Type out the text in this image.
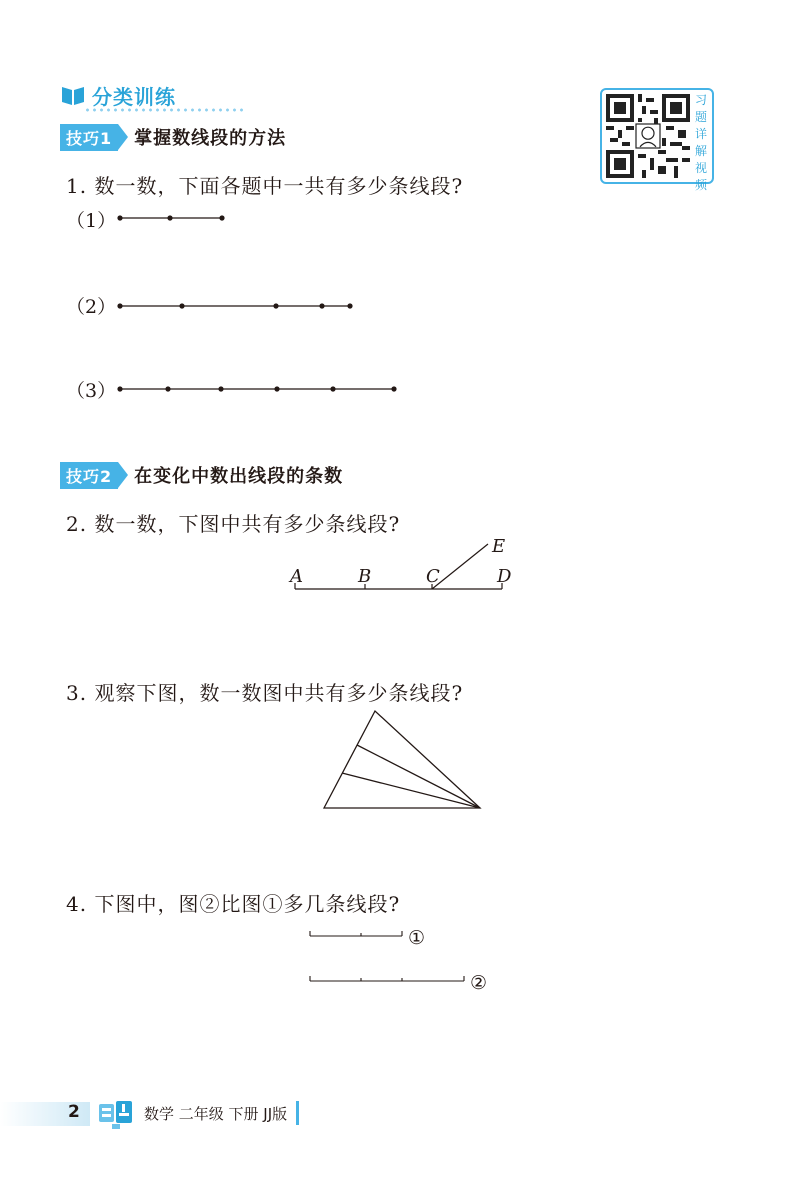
分类训练	习题详解视频
技巧1	掌握数线段的方法
1. 数一数，下面各题中一共有多少条线段?
（1）
（2）
（3）
技巧2	在变化中数出线段的条数
2. 数一数，下图中共有多少条线段?
A	B	C	D
E
3. 观察下图，数一数图中共有多少条线段?
4. 下图中，图②比图①多几条线段?
①
②
2	数学 二年级 下册 JJ版
